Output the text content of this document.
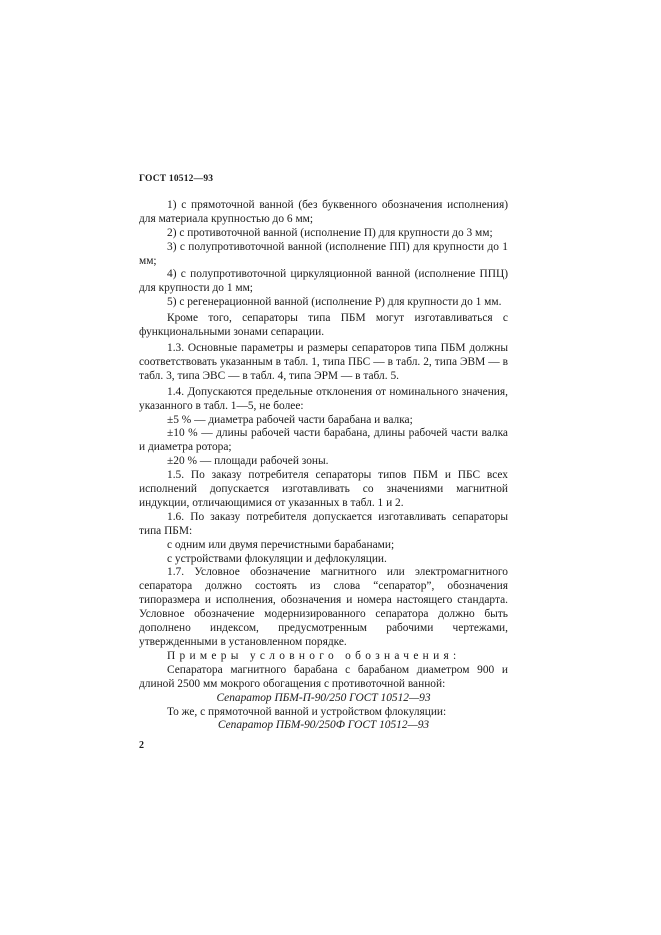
ГОСТ 10512—93

1) с прямоточной ванной (без буквенного обозначения исполнения) для материала крупностью до 6 мм;

2) с противоточной ванной (исполнение П) для крупности до 3 мм;

3) с полупротивоточной ванной (исполнение ПП) для крупности до 1 мм;

4) с полупротивоточной циркуляционной ванной (исполнение ППЦ) для крупности до 1 мм;

5) с регенерационной ванной (исполнение Р) для крупности до 1 мм.

Кроме того, сепараторы типа ПБМ могут изготавливаться с функциональными зонами сепарации.

1.3. Основные параметры и размеры сепараторов типа ПБМ должны соответствовать указанным в табл. 1, типа ПБС — в табл. 2, типа ЭВМ — в табл. 3, типа ЭВС — в табл. 4, типа ЭРМ — в табл. 5.

1.4. Допускаются предельные отклонения от номинального значения, указанного в табл. 1—5, не более:

±5 % — диаметра рабочей части барабана и валка;

±10 % — длины рабочей части барабана, длины рабочей части валка и диаметра ротора;

±20 % — площади рабочей зоны.

1.5. По заказу потребителя сепараторы типов ПБМ и ПБС всех исполнений допускается изготавливать со значениями магнитной индукции, отличающимися от указанных в табл. 1 и 2.

1.6. По заказу потребителя допускается изготавливать сепараторы типа ПБМ:

с одним или двумя перечистными барабанами;

с устройствами флокуляции и дефлокуляции.

1.7. Условное обозначение магнитного или электромагнитного сепаратора должно состоять из слова “сепаратор”, обозначения типоразмера и исполнения, обозначения и номера настоящего стандарта. Условное обозначение модернизированного сепаратора должно быть дополнено индексом, предусмотренным рабочими чертежами, утвержденными в установленном порядке.

Примеры условного обозначения:

Сепаратора магнитного барабана с барабаном диаметром 900 и длиной 2500 мм мокрого обогащения с противоточной ванной:

Сепаратор ПБМ-П-90/250 ГОСТ 10512—93

То же, с прямоточной ванной и устройством флокуляции:

Сепаратор ПБМ-90/250Ф ГОСТ 10512—93

2
